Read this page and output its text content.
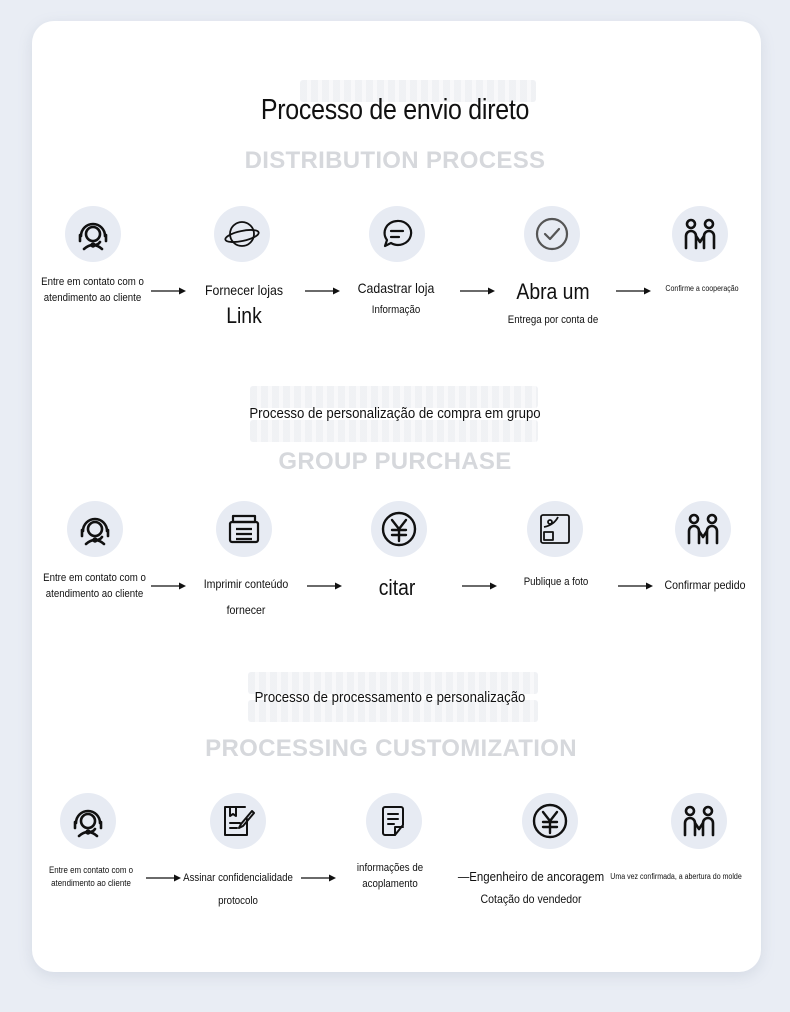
Processo de envio direto
DISTRIBUTION PROCESS
Entre em contato com o
atendimento ao cliente	Fornecer lojas
Link
Cadastrar loja
Informação
Abra um
Entrega por conta de
Confirme a cooperação
Processo de personalização de compra em grupo
GROUP PURCHASE
Entre em contato com o
atendimento ao cliente
Imprimir conteúdo
fornecer
citar	Publique a foto	Confirmar pedido
Processo de processamento e personalização
PROCESSING CUSTOMIZATION
Entre em contato com o
atendimento ao cliente	Assinar confidencialidade
protocolo
informações de
acoplamento	—Engenheiro de ancoragem
Cotação do vendedor
Uma vez confirmada, a abertura do molde
